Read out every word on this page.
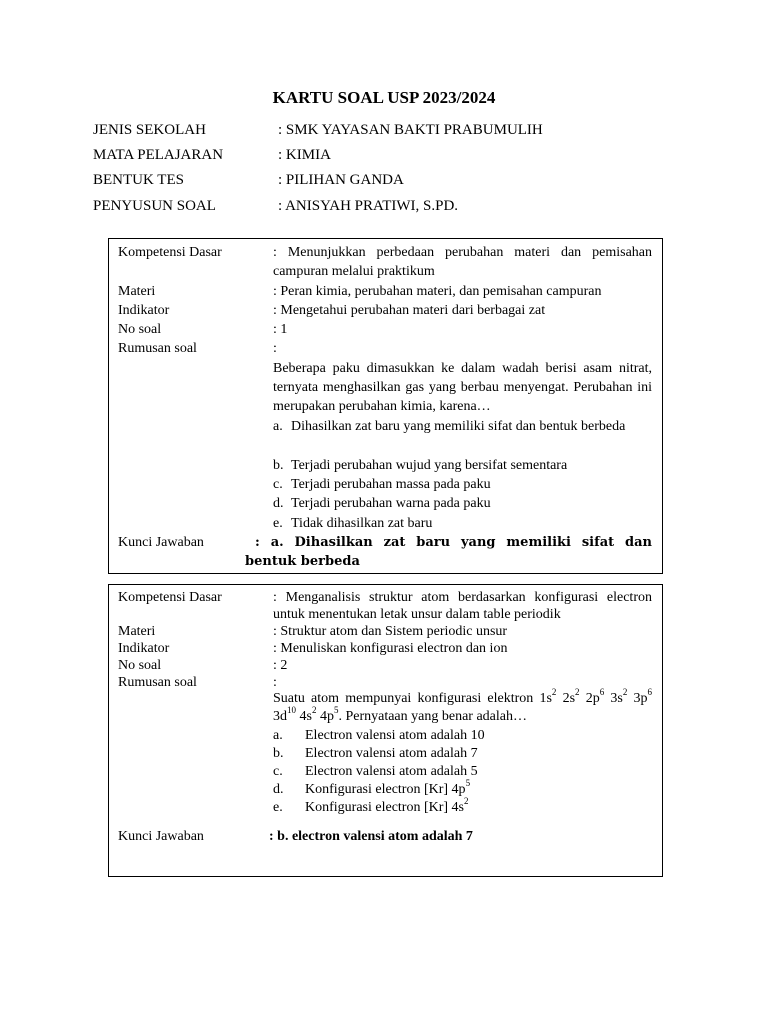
KARTU SOAL USP 2023/2024
JENIS SEKOLAH	: SMK YAYASAN BAKTI PRABUMULIH
MATA PELAJARAN	: KIMIA
BENTUK TES	: PILIHAN GANDA
PENYUSUN SOAL	: ANISYAH PRATIWI, S.PD.
Kompetensi Dasar	: Menunjukkan perbedaan perubahan materi dan pemisahan campuran melalui praktikum
Materi	: Peran kimia, perubahan materi, dan pemisahan campuran
Indikator	: Mengetahui perubahan materi dari berbagai zat
No soal	: 1
Rumusan soal	:
Beberapa paku dimasukkan ke dalam wadah berisi asam nitrat, ternyata menghasilkan gas yang berbau menyengat. Perubahan ini merupakan perubahan kimia, karena…
a. Dihasilkan zat baru yang memiliki sifat dan bentuk berbeda
b. Terjadi perubahan wujud yang bersifat sementara
c. Terjadi perubahan massa pada paku
d. Terjadi perubahan warna pada paku
e. Tidak dihasilkan zat baru
Kunci Jawaban	: a. Dihasilkan zat baru yang memiliki sifat dan bentuk berbeda
Kompetensi Dasar	: Menganalisis struktur atom berdasarkan konfigurasi electron untuk menentukan letak unsur dalam table periodik
Materi	: Struktur atom dan Sistem periodic unsur
Indikator	: Menuliskan konfigurasi electron dan ion
No soal	: 2
Rumusan soal	:
Suatu atom mempunyai konfigurasi elektron $1s^2$ $2s^2$ $2p^6$ $3s^2$ $3p^6$ $3d^{10}$ $4s^2$ $4p^5$. Pernyataan yang benar adalah…
a. Electron valensi atom adalah 10
b. Electron valensi atom adalah 7
c. Electron valensi atom adalah 5
d. Konfigurasi electron [Kr] $4p^5$
e. Konfigurasi electron [Kr] $4s^2$
Kunci Jawaban	: b. electron valensi atom adalah 7
